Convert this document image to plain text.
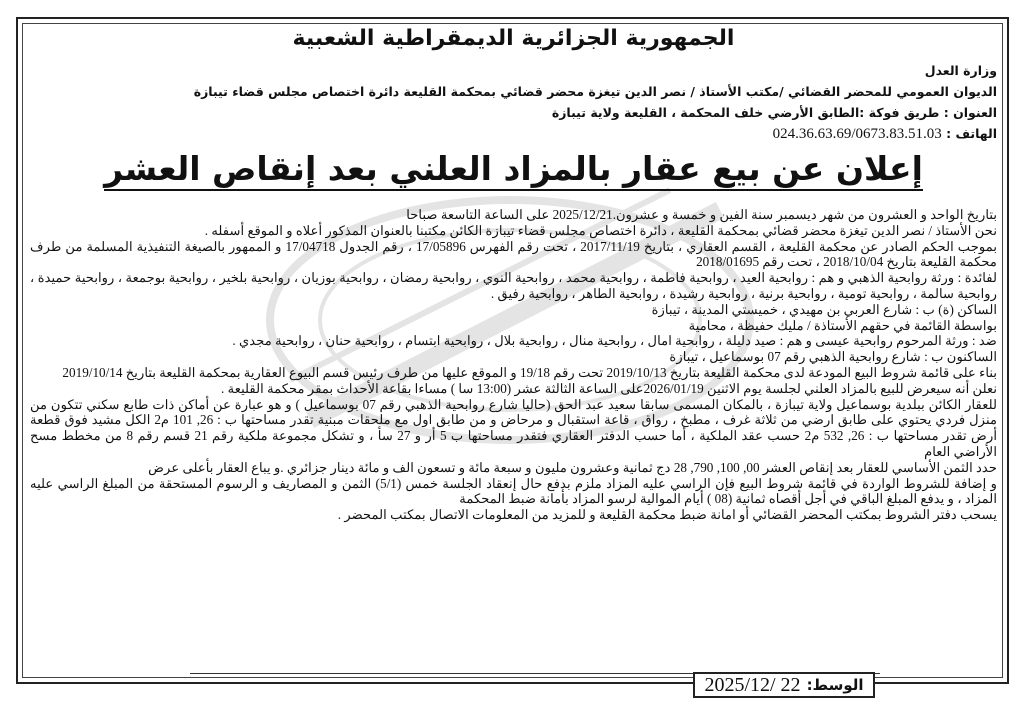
الجمهورية الجزائرية الديمقراطية الشعبية
وزارة العدل
الديوان العمومي للمحضر القضائي /مكتب الأستاذ / نصر الدين تيغزة محضر قضائي بمحكمة القليعة دائرة اختصاص مجلس قضاء تيبازة
العنوان : طريق فوكة :الطابق الأرضي خلف المحكمة ، القليعة ولاية تيبازة
الهاتف : 024.36.63.69/0673.83.51.03
إعلان عن بيع عقار بالمزاد العلني بعد إنقاص العشر

بتاريخ الواحد و العشرون من شهر ديسمبر سنة الفين و خمسة و عشرون.2025/12/21 على الساعة التاسعة صباحا

نحن الأستاذ / نصر الدين تيغزة محضر قضائي بمحكمة القليعة ، دائرة اختصاص مجلس قضاء تيبازة الكائن مكتبنا بالعنوان المذكور أعلاه و الموقع أسفله .

بموجب الحكم الصادر عن محكمة القليعة ، القسم العقاري ، بتاريخ 2017/11/19 ، تحت رقم الفهرس 17/05896 ، رقم الجدول 17/04718 و الممهور بالصيغة التنفيذية المسلمة من طرف محكمة القليعة بتاريخ 2018/10/04 ، تحت رقم 2018/01695

لفائدة : ورثة روابحية الذهبي و هم : روابحية العيد ، روابحية فاطمة ، روابحية محمد ، روابحية النوي ، روابحية رمضان ، روابحية بوزيان ، روابحية بلخير ، روابحية بوجمعة ، روابحية حميدة ، روابحية سالمة ، روابحية تومية ، روابحية برنية ، روابحية رشيدة ، روابحية الطاهر ، روابحية رفيق .

الساكن (ة) ب : شارع العربي بن مهيدي ، خميستي المدينة ، تيبازة

بواسطة القائمة في حقهم الأستاذة / مليك حفيظة ، محامية

ضد : ورثة المرحوم روابحية عيسى و هم : صيد دليلة ، روابحية امال ، روابحية منال ، روابحية بلال ، روابحية ابتسام ، روابحية حنان ، روابحية مجدي .

الساكنون ب : شارع روابحية الذهبي رقم 07 بوسماعيل ، تيبازة

بناء على قائمة شروط البيع المودعة لدى محكمة القليعة بتاريخ 2019/10/13 تحت رقم 19/18 و الموقع عليها من طرف رئيس قسم البيوع العقارية بمحكمة القليعة بتاريخ 2019/10/14

نعلن أنه سيعرض للبيع بالمزاد العلني لجلسة يوم الاثنين 2026/01/19على الساعة الثالثة عشر (13:00 سا ) مساءا بقاعة الأحداث بمقر محكمة القليعة .

للعقار الكائن ببلدية بوسماعيل ولاية تيبازة ، بالمكان المسمى سابقا سعيد عبد الحق (حاليا شارع روابحية الذهبي رقم 07 بوسماعيل ) و هو عبارة عن أماكن ذات طابع سكني تتكون من منزل فردي يحتوي على طابق ارضي من ثلاثة غرف ، مطبخ ، رواق ، قاعة استقبال و مرحاض و من طابق اول مع ملحقات مبنية تقدر مساحتها ب : 26, 101 م2 الكل مشيد فوق قطعة أرض تقدر مساحتها ب : 26, 532 م2 حسب عقد الملكية ، أما حسب الدفتر العقاري فتقدر مساحتها ب 5 أر و 27 سأ ، و تشكل مجموعة ملكية رقم 21 قسم رقم 8 من مخطط مسح الأراضي العام

حدد الثمن الأساسي للعقار بعد إنقاص العشر 00, 100, 790, 28 دج ثمانية وعشرون مليون و سبعة مائة و تسعون الف و مائة دينار جزائري .و يباع العقار بأعلى عرض

و إضافة للشروط الواردة في قائمة شروط البيع فإن الراسي عليه المزاد ملزم بدفع حال إنعقاد الجلسة خمس (5/1) الثمن و المصاريف و الرسوم المستحقة من المبلغ الراسي عليه المزاد ، و يدفع المبلغ الباقي في أجل أقصاه ثمانية (08 ) أيام الموالية لرسو المزاد بأمانة ضبط المحكمة

يسحب دفتر الشروط بمكتب المحضر القضائي أو امانة ضبط محكمة القليعة و للمزيد من المعلومات الاتصال بمكتب المحضر .

الوسط:
2025/12/ 22
